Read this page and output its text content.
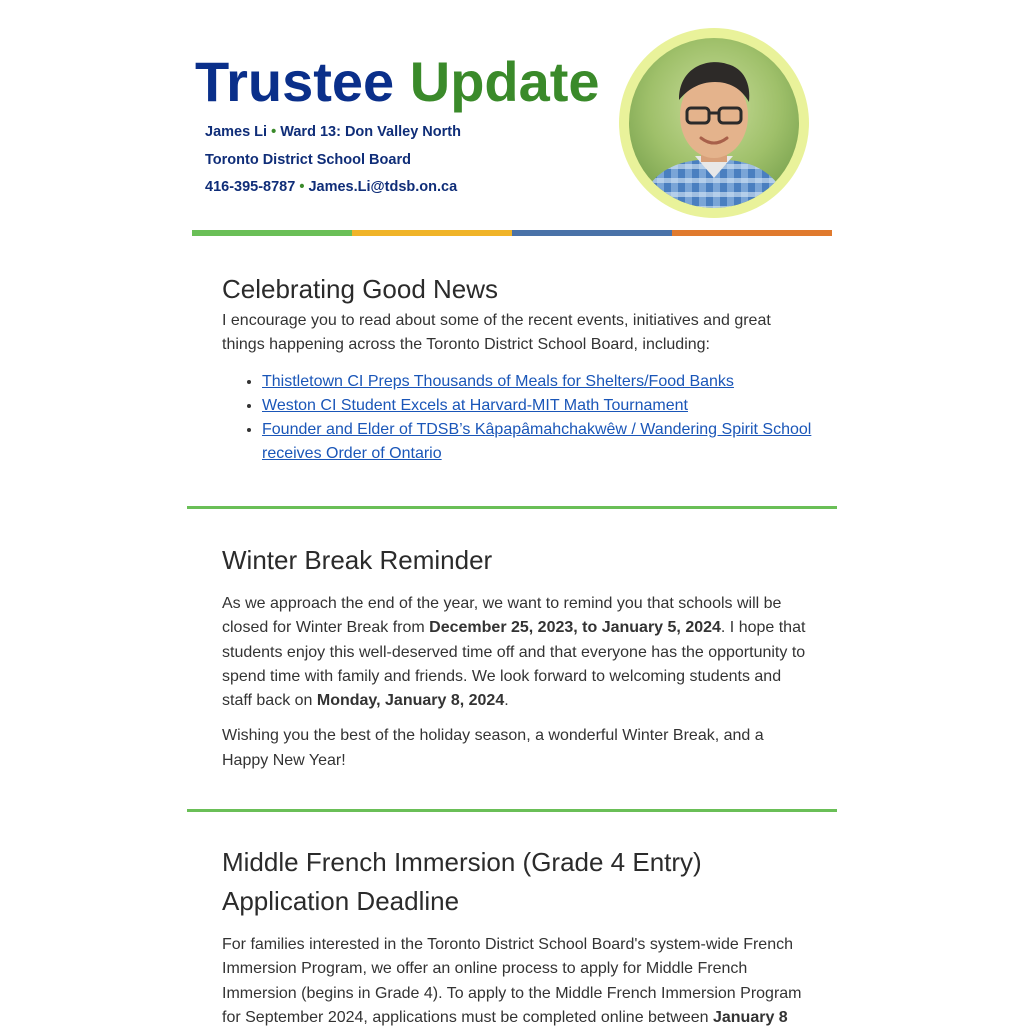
Trustee Update
James Li • Ward 13: Don Valley North
Toronto District School Board
416-395-8787 • James.Li@tdsb.on.ca
Celebrating Good News

I encourage you to read about some of the recent events, initiatives and great things happening across the Toronto District School Board, including:

• Thistletown CI Preps Thousands of Meals for Shelters/Food Banks
• Weston CI Student Excels at Harvard-MIT Math Tournament
• Founder and Elder of TDSB’s Kâpapâmahchakwêw / Wandering Spirit School receives Order of Ontario
Winter Break Reminder

As we approach the end of the year, we want to remind you that schools will be closed for Winter Break from December 25, 2023, to January 5, 2024. I hope that students enjoy this well-deserved time off and that everyone has the opportunity to spend time with family and friends. We look forward to welcoming students and staff back on Monday, January 8, 2024.

Wishing you the best of the holiday season, a wonderful Winter Break, and a Happy New Year!

Middle French Immersion (Grade 4 Entry) Application Deadline

For families interested in the Toronto District School Board's system-wide French Immersion Program, we offer an online process to apply for Middle French Immersion (begins in Grade 4). To apply to the Middle French Immersion Program for September 2024, applications must be completed online between January 8
